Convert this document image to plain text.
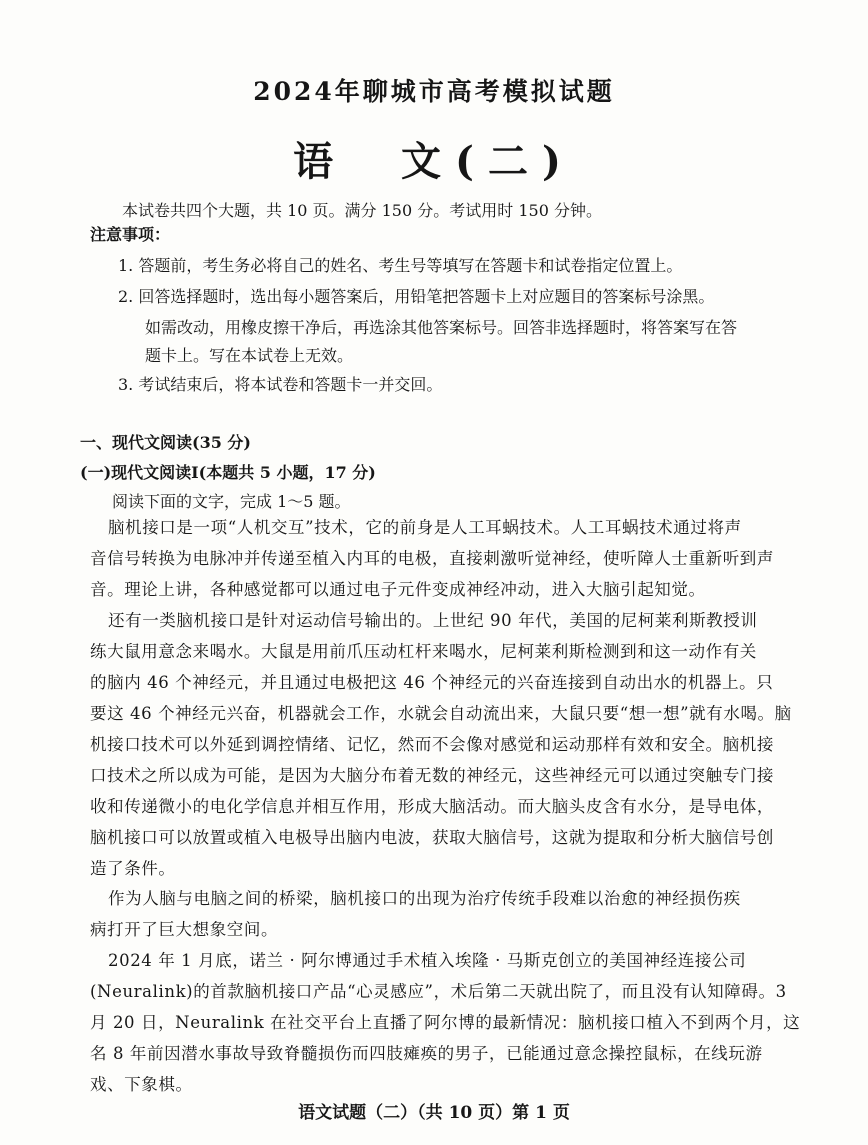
2024年聊城市高考模拟试题
语　文(二)
本试卷共四个大题，共 10 页。满分 150 分。考试用时 150 分钟。
注意事项：
1. 答题前，考生务必将自己的姓名、考生号等填写在答题卡和试卷指定位置上。
2. 回答选择题时，选出每小题答案后，用铅笔把答题卡上对应题目的答案标号涂黑。
如需改动，用橡皮擦干净后，再选涂其他答案标号。回答非选择题时，将答案写在答
题卡上。写在本试卷上无效。
3. 考试结束后，将本试卷和答题卡一并交回。
一、现代文阅读(35 分)
(一)现代文阅读Ⅰ(本题共 5 小题，17 分)
阅读下面的文字，完成 1～5 题。
脑机接口是一项“人机交互”技术，它的前身是人工耳蜗技术。人工耳蜗技术通过将声
音信号转换为电脉冲并传递至植入内耳的电极，直接刺激听觉神经，使听障人士重新听到声
音。理论上讲，各种感觉都可以通过电子元件变成神经冲动，进入大脑引起知觉。
还有一类脑机接口是针对运动信号输出的。上世纪 90 年代，美国的尼柯莱利斯教授训
练大鼠用意念来喝水。大鼠是用前爪压动杠杆来喝水，尼柯莱利斯检测到和这一动作有关
的脑内 46 个神经元，并且通过电极把这 46 个神经元的兴奋连接到自动出水的机器上。只
要这 46 个神经元兴奋，机器就会工作，水就会自动流出来，大鼠只要“想一想”就有水喝。脑
机接口技术可以外延到调控情绪、记忆，然而不会像对感觉和运动那样有效和安全。脑机接
口技术之所以成为可能，是因为大脑分布着无数的神经元，这些神经元可以通过突触专门接
收和传递微小的电化学信息并相互作用，形成大脑活动。而大脑头皮含有水分，是导电体，
脑机接口可以放置或植入电极导出脑内电波，获取大脑信号，这就为提取和分析大脑信号创
造了条件。
作为人脑与电脑之间的桥梁，脑机接口的出现为治疗传统手段难以治愈的神经损伤疾
病打开了巨大想象空间。
2024 年 1 月底，诺兰 · 阿尔博通过手术植入埃隆 · 马斯克创立的美国神经连接公司
(Neuralink)的首款脑机接口产品“心灵感应”，术后第二天就出院了，而且没有认知障碍。3
月 20 日，Neuralink 在社交平台上直播了阿尔博的最新情况：脑机接口植入不到两个月，这
名 8 年前因潜水事故导致脊髓损伤而四肢瘫痪的男子，已能通过意念操控鼠标，在线玩游
戏、下象棋。
语文试题（二）（共 10 页）第 1 页
